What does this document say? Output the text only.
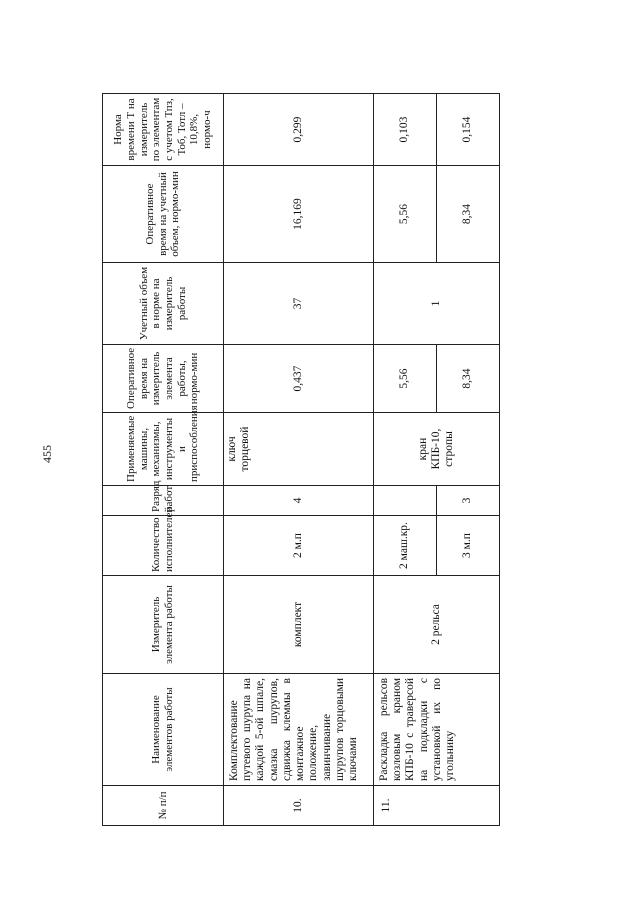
455
№ п/п	Наименование элементов работы	Измеритель элемента работы	Количество исполнителей	Разряд работ	Применяемые машины, механизмы, инструменты и приспособления	Оперативное время на измеритель элемента работы, нормо-мин	Учетный объем в норме на измеритель работы	Оперативное время на учетный объем, нормо-мин	Норма времени Т на измеритель по элементам с учетом Тпз, Тоб, Тотл – 10,8%, нормо-ч
10.	Комплектование путевого шурупа на каждой 5-ой шпале, смазка шурупов, сдвижка клеммы в монтажное положение, завинчивание шурупов торцовыми ключами	комплект	2 м.п	4	ключ торцевой	0,437	37	16,169	0,299
11.	Раскладка рельсов козловым краном КПБ-10 с траверсой на подкладки с установкой их по угольнику	2 рельса	2 маш.кр.		кран КПБ-10, стропы	5,56	1	5,56	0,103
			3 м.п	3		8,34		8,34	0,154
